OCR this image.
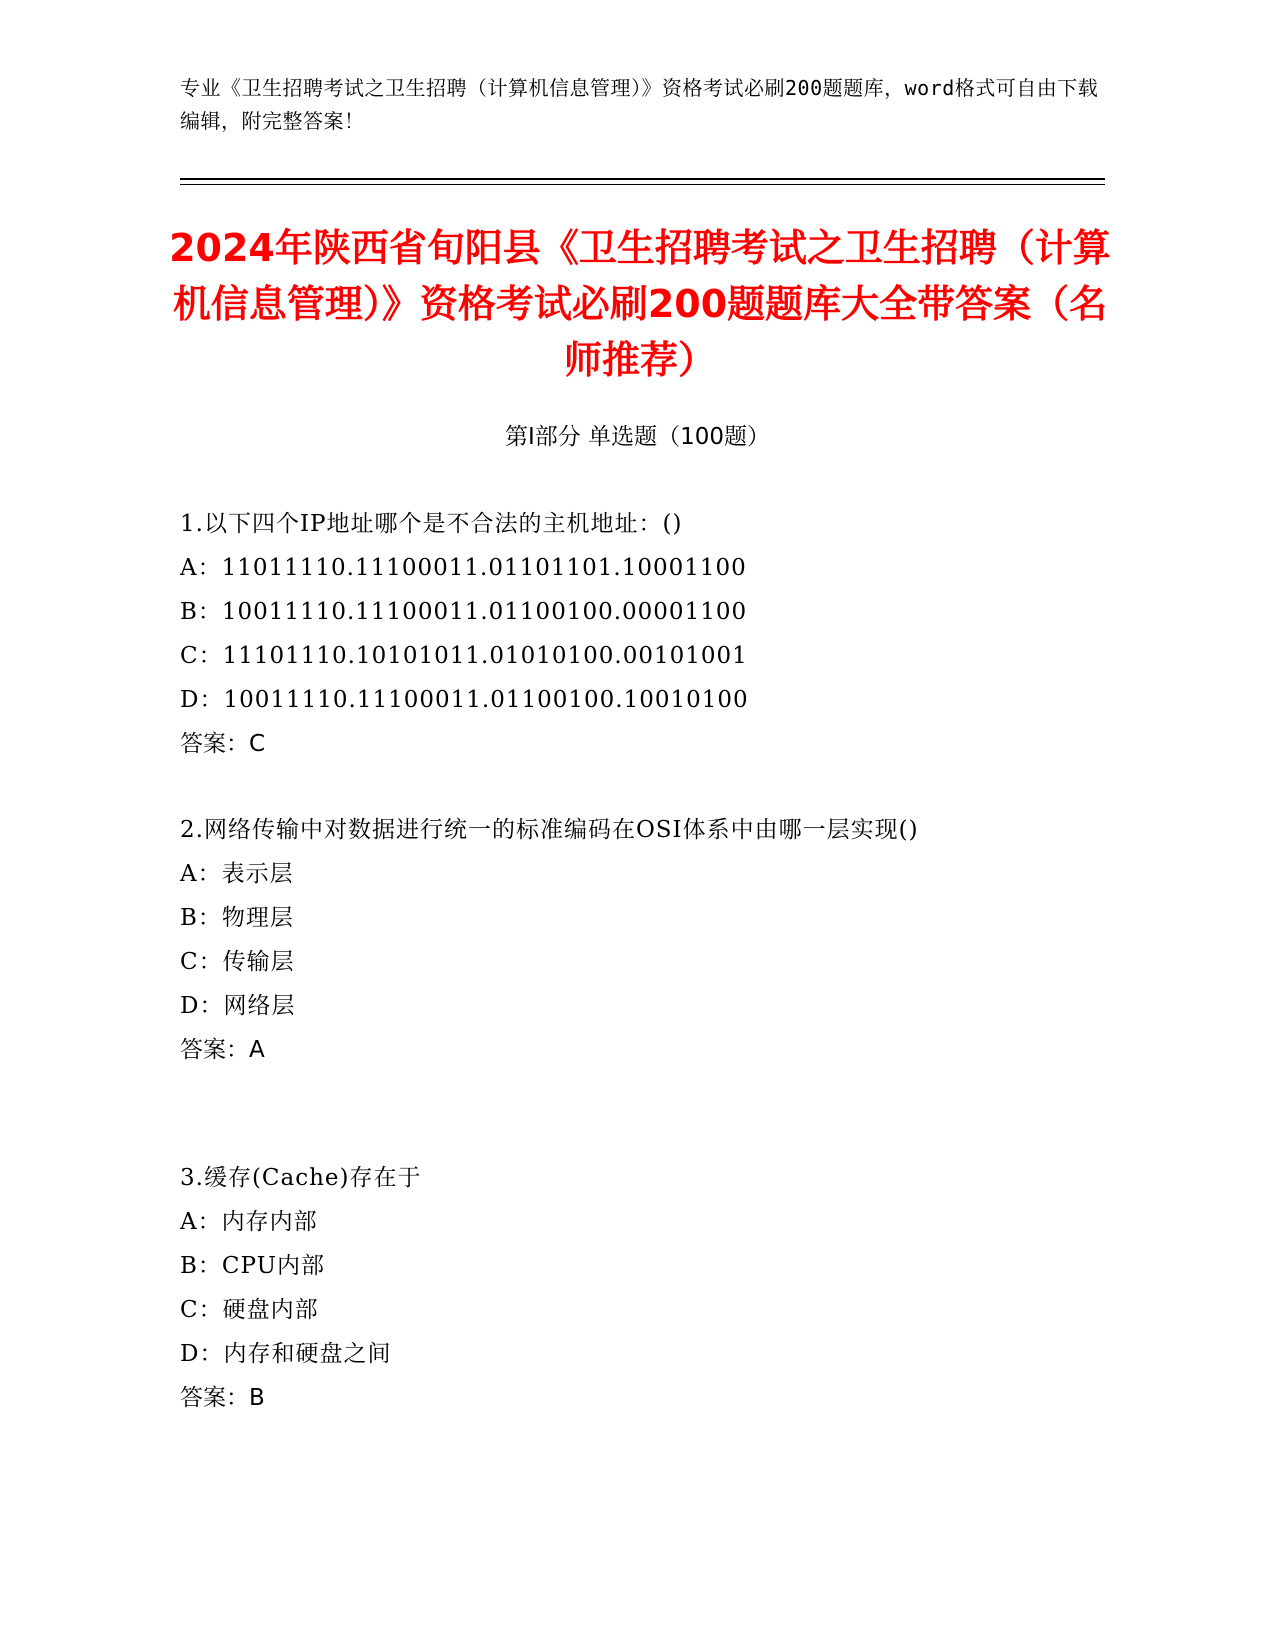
专业《卫生招聘考试之卫生招聘（计算机信息管理）》资格考试必刷200题题库，word格式可自由下载编辑，附完整答案！
2024年陕西省旬阳县《卫生招聘考试之卫生招聘（计算机信息管理）》资格考试必刷200题题库大全带答案（名师推荐）
第Ⅰ部分 单选题（100题）
1.以下四个IP地址哪个是不合法的主机地址：()
A：11011110.11100011.01101101.10001100
B：10011110.11100011.01100100.00001100
C：11101110.10101011.01010100.00101001
D：10011110.11100011.01100100.10010100
答案：C
2.网络传输中对数据进行统一的标准编码在OSI体系中由哪一层实现()
A：表示层
B：物理层
C：传输层
D：网络层
答案：A
3.缓存(Cache)存在于
A：内存内部
B：CPU内部
C：硬盘内部
D：内存和硬盘之间
答案：B
